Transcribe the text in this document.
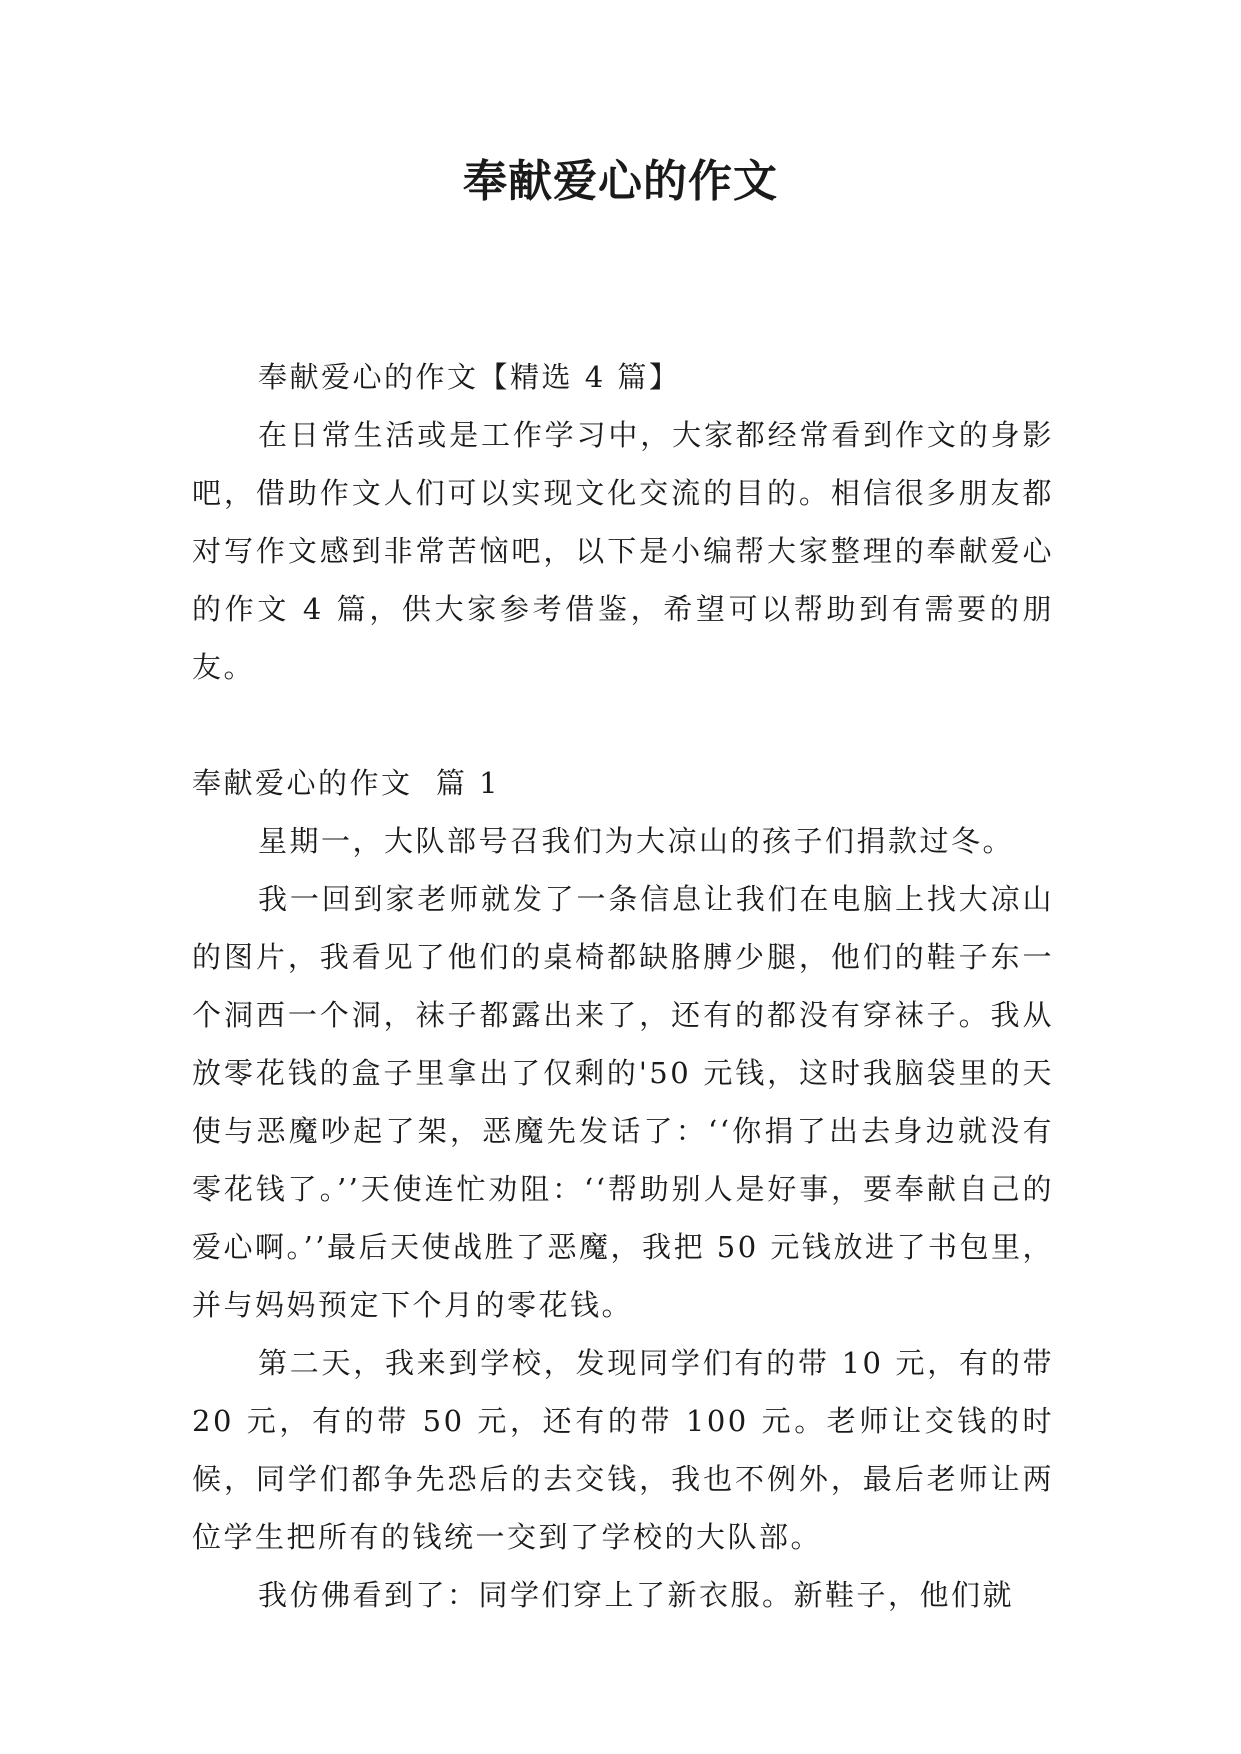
奉献爱心的作文

奉献爱心的作文【精选 4 篇】

在日常生活或是工作学习中，大家都经常看到作文的身影吧，借助作文人们可以实现文化交流的目的。相信很多朋友都对写作文感到非常苦恼吧，以下是小编帮大家整理的奉献爱心的作文 4 篇，供大家参考借鉴，希望可以帮助到有需要的朋友。

奉献爱心的作文  篇 1

星期一，大队部号召我们为大凉山的孩子们捐款过冬。

我一回到家老师就发了一条信息让我们在电脑上找大凉山的图片，我看见了他们的桌椅都缺胳膊少腿，他们的鞋子东一个洞西一个洞，袜子都露出来了，还有的都没有穿袜子。我从放零花钱的盒子里拿出了仅剩的'50 元钱，这时我脑袋里的天使与恶魔吵起了架，恶魔先发话了：‘‘你捐了出去身边就没有零花钱了。’’天使连忙劝阻：‘‘帮助别人是好事，要奉献自己的爱心啊。’’最后天使战胜了恶魔，我把 50 元钱放进了书包里，并与妈妈预定下个月的零花钱。

第二天，我来到学校，发现同学们有的带 10 元，有的带 20 元，有的带 50 元，还有的带 100 元。老师让交钱的时候，同学们都争先恐后的去交钱，我也不例外，最后老师让两位学生把所有的钱统一交到了学校的大队部。

我仿佛看到了：同学们穿上了新衣服。新鞋子，他们就
